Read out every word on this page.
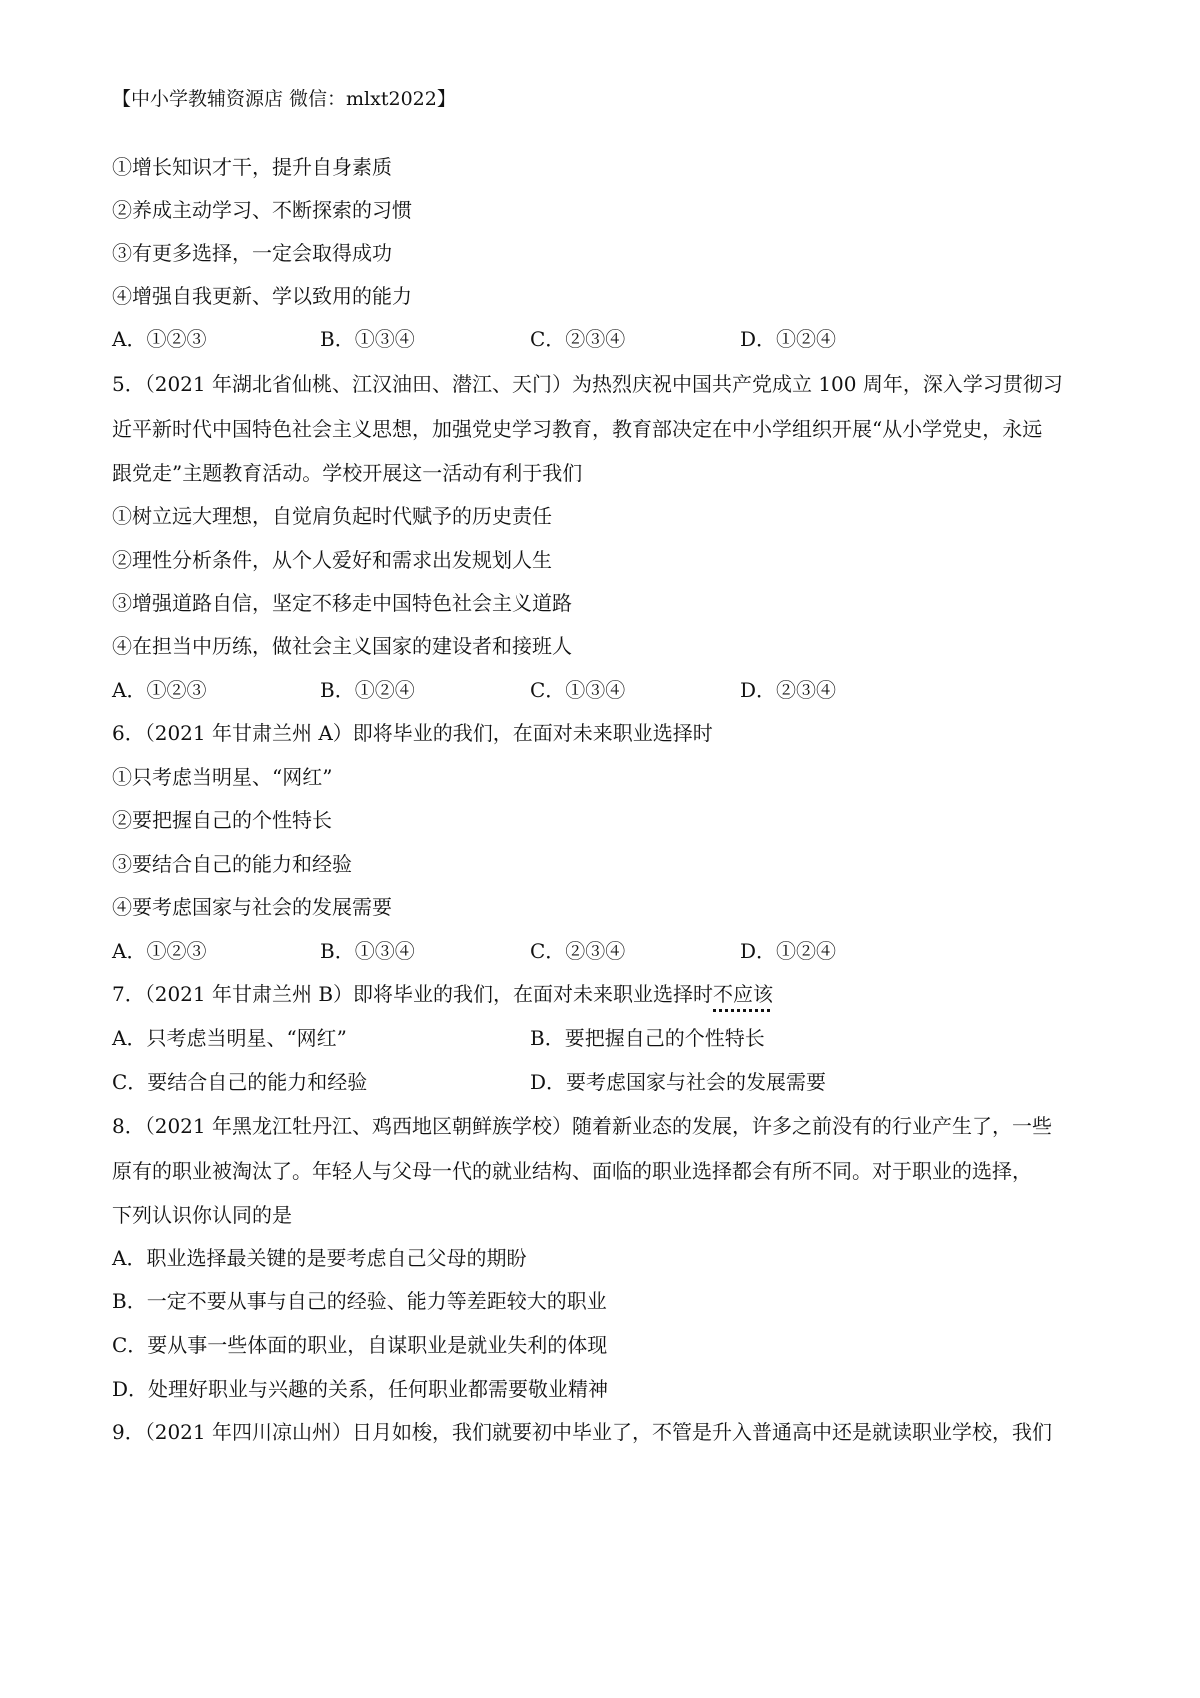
【中小学教辅资源店 微信：mlxt2022】
①增长知识才干，提升自身素质
②养成主动学习、不断探索的习惯
③有更多选择，一定会取得成功
④增强自我更新、学以致用的能力
A．①②③	B．①③④	C．②③④	D．①②④
5．（2021 年湖北省仙桃、江汉油田、潜江、天门）为热烈庆祝中国共产党成立 100 周年，深入学习贯彻习
近平新时代中国特色社会主义思想，加强党史学习教育，教育部决定在中小学组织开展“从小学党史，永远
跟党走”主题教育活动。学校开展这一活动有利于我们
①树立远大理想，自觉肩负起时代赋予的历史责任
②理性分析条件，从个人爱好和需求出发规划人生
③增强道路自信，坚定不移走中国特色社会主义道路
④在担当中历练，做社会主义国家的建设者和接班人
A．①②③	B．①②④	C．①③④	D．②③④
6．（2021 年甘肃兰州 A）即将毕业的我们，在面对未来职业选择时
①只考虑当明星、“网红”
②要把握自己的个性特长
③要结合自己的能力和经验
④要考虑国家与社会的发展需要
A．①②③	B．①③④	C．②③④	D．①②④
7．（2021 年甘肃兰州 B）即将毕业的我们，在面对未来职业选择时不应该
A．只考虑当明星、“网红”	B．要把握自己的个性特长
C．要结合自己的能力和经验	D．要考虑国家与社会的发展需要
8．（2021 年黑龙江牡丹江、鸡西地区朝鲜族学校）随着新业态的发展，许多之前没有的行业产生了，一些
原有的职业被淘汰了。年轻人与父母一代的就业结构、面临的职业选择都会有所不同。对于职业的选择，
下列认识你认同的是
A．职业选择最关键的是要考虑自己父母的期盼
B．一定不要从事与自己的经验、能力等差距较大的职业
C．要从事一些体面的职业，自谋职业是就业失利的体现
D．处理好职业与兴趣的关系，任何职业都需要敬业精神
9．（2021 年四川凉山州）日月如梭，我们就要初中毕业了，不管是升入普通高中还是就读职业学校，我们
